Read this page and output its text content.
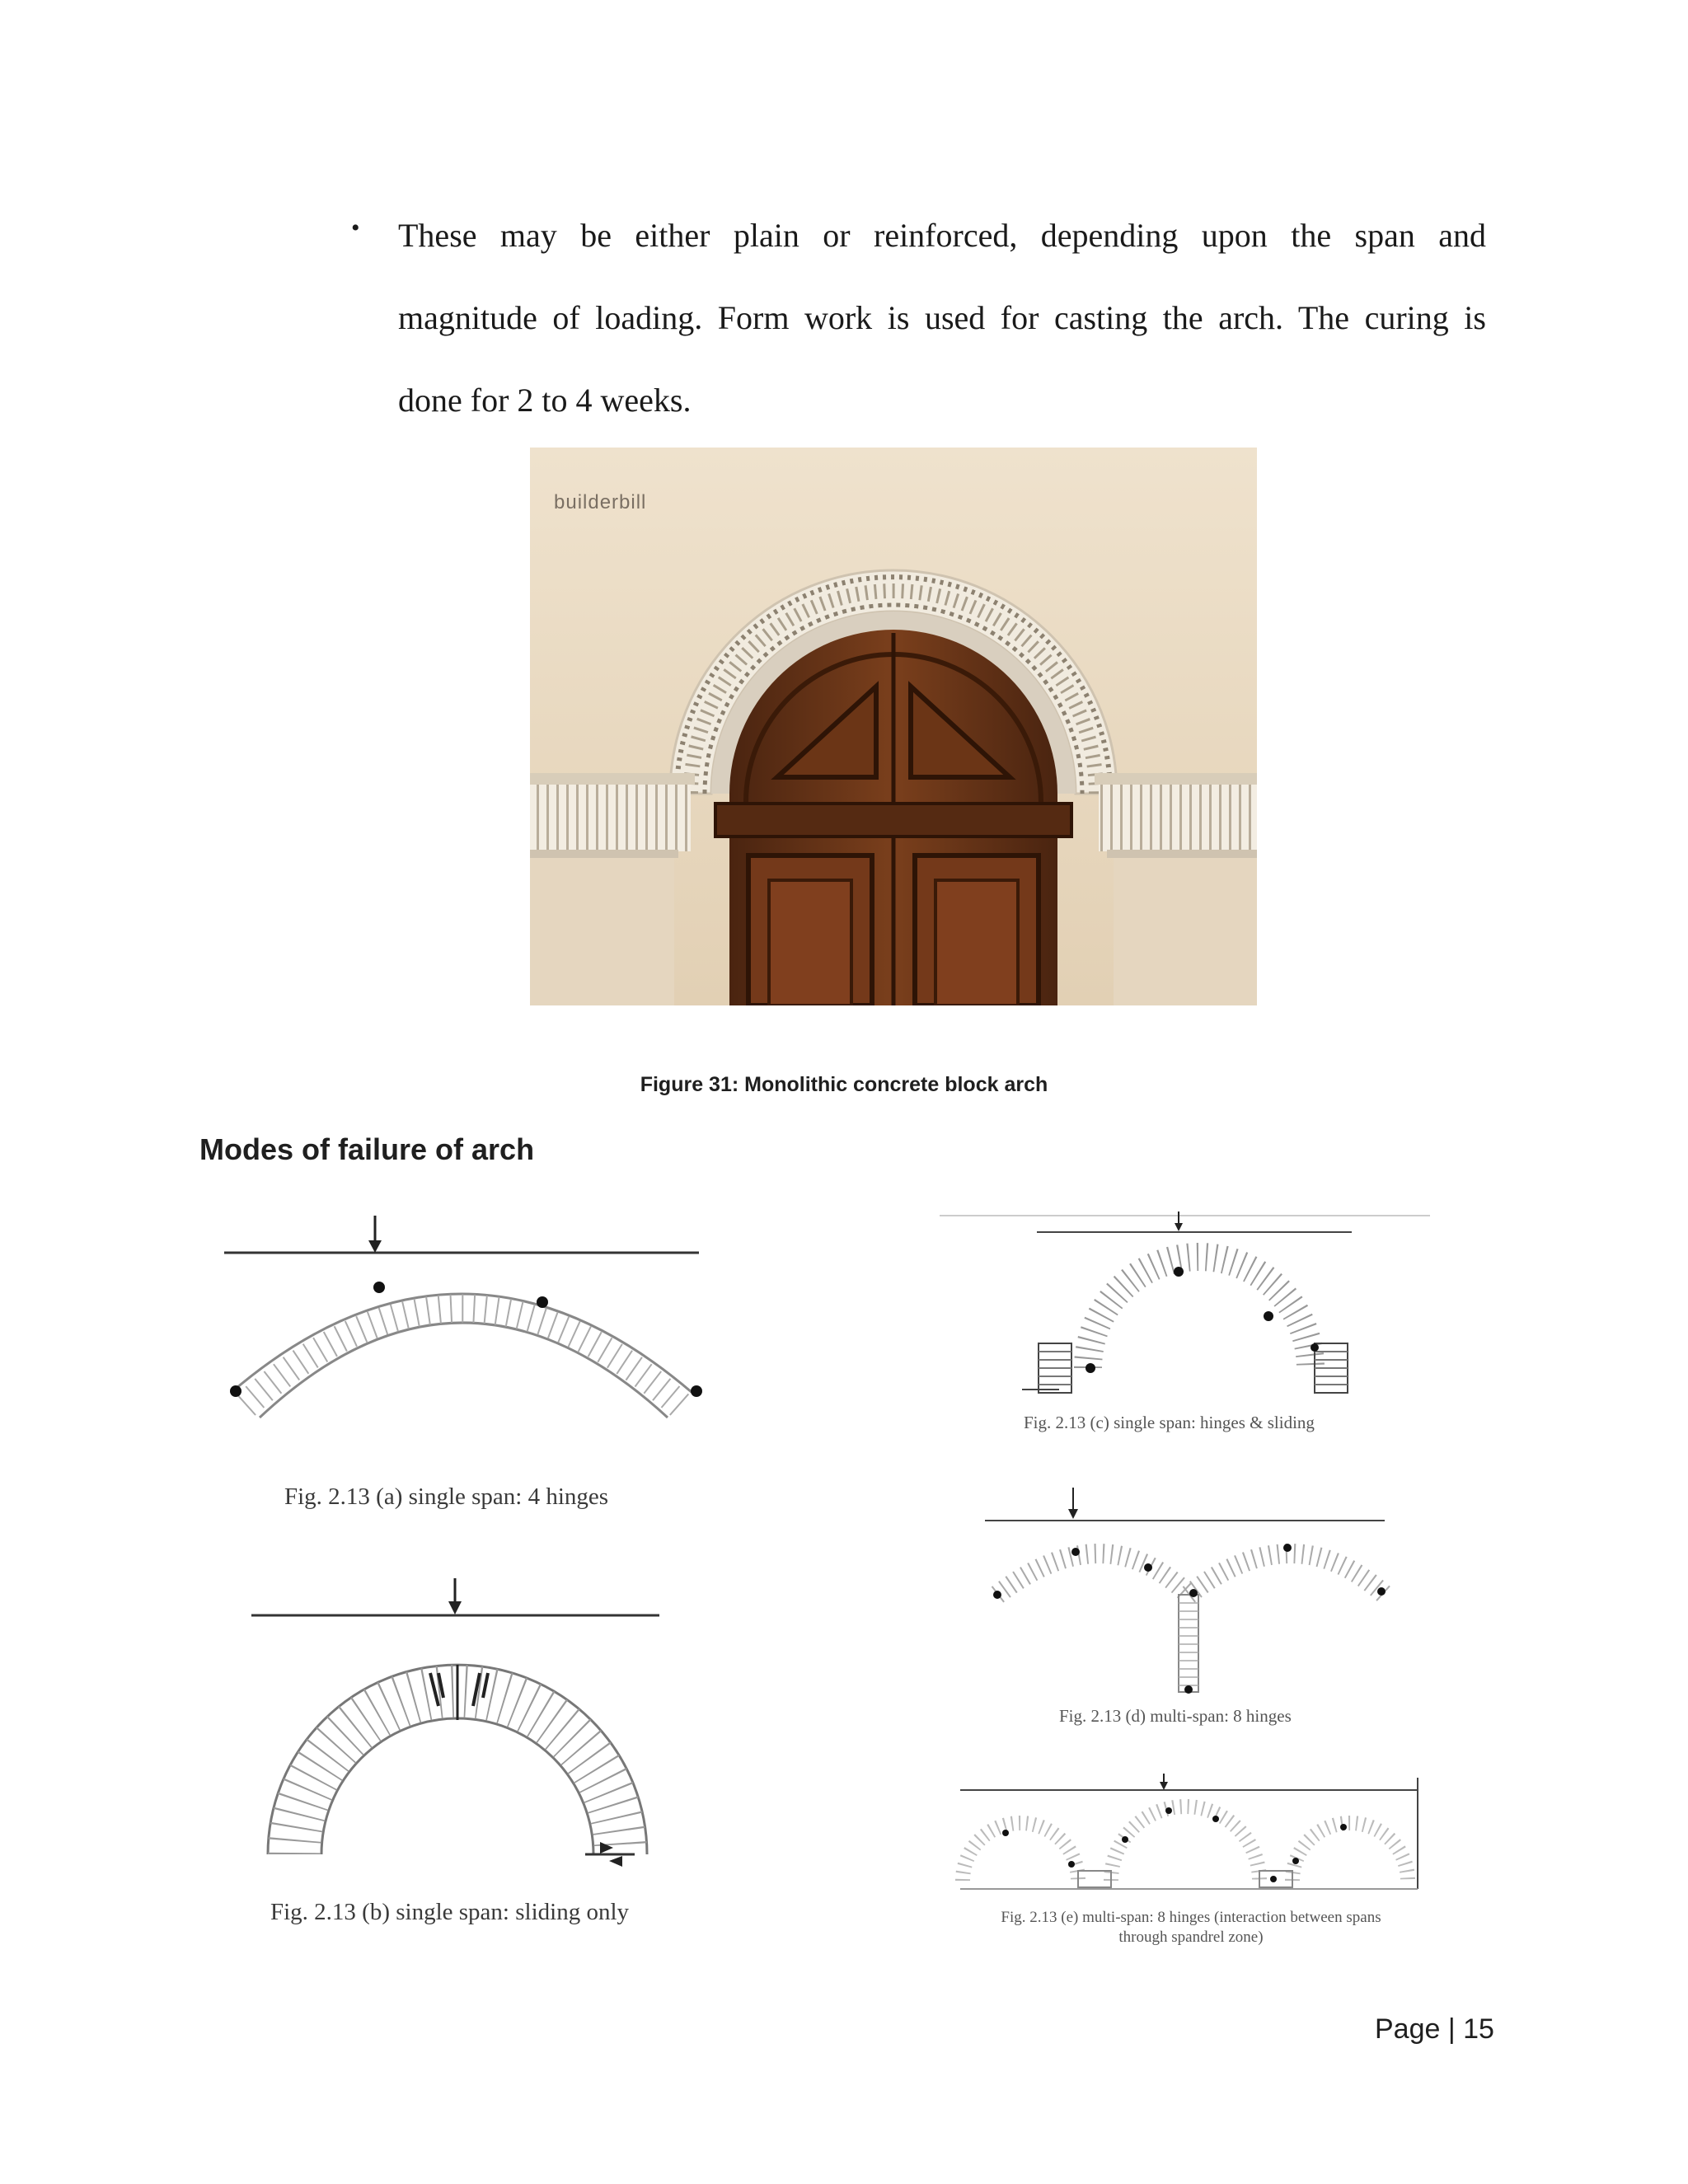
• These may be either plain or reinforced, depending upon the span and
magnitude of loading. Form work is used for casting the arch. The curing is
done for 2 to 4 weeks.
builderbill
Figure 31: Monolithic concrete block arch
Modes of failure of arch
Fig. 2.13 (a) single span: 4 hinges
Fig. 2.13 (b) single span: sliding only
Fig. 2.13 (c) single span: hinges & sliding
Fig. 2.13 (d) multi-span: 8 hinges
Fig. 2.13 (e) multi-span: 8 hinges (interaction between spans through spandrel zone)
Page | 15
